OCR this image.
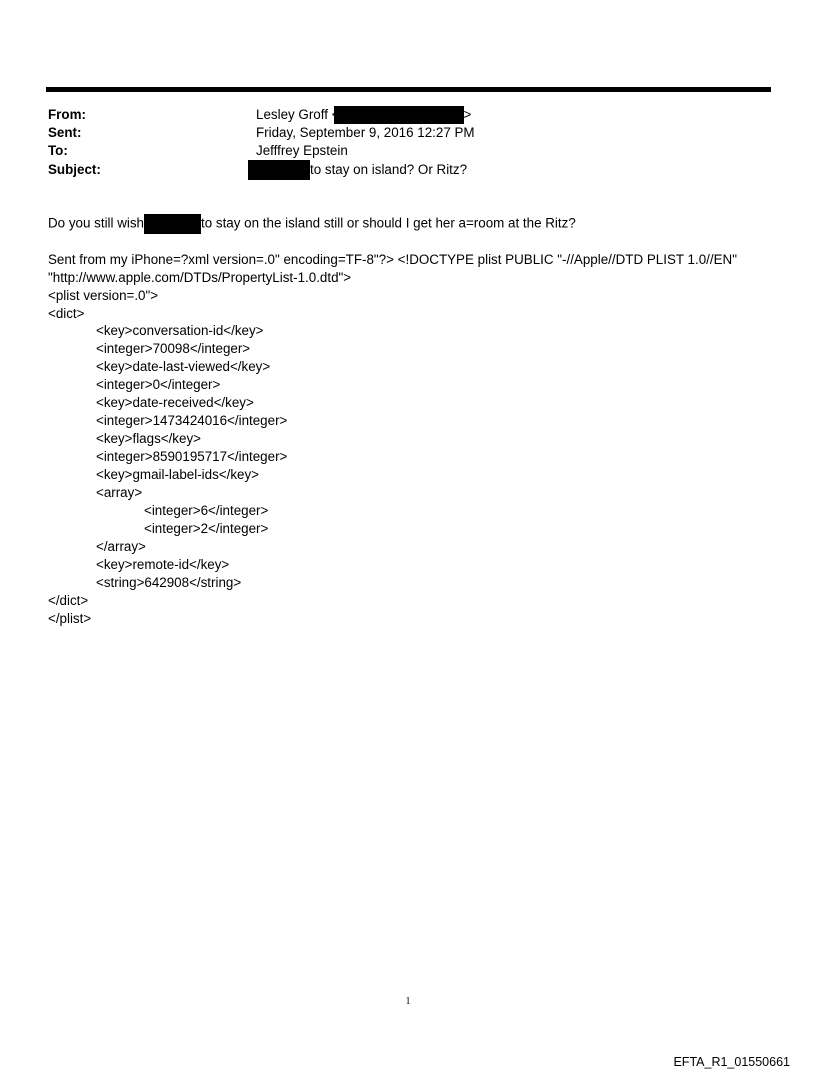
From:	Lesley Groff	>
Sent:	Friday, September 9, 2016 12:27 PM
To:	Jefffrey Epstein
Subject:	to stay on island? Or Ritz?
Do you still wish	to stay on the island still or should I get her a=room at the Ritz?
Sent from my iPhone=?xml version=.0" encoding=TF-8"?> <!DOCTYPE plist PUBLIC "-//Apple//DTD PLIST 1.0//EN"
"http://www.apple.com/DTDs/PropertyList-1.0.dtd">
<plist version=.0">
<dict>
<key>conversation-id</key>
<integer>70098</integer>
<key>date-last-viewed</key>
<integer>0</integer>
<key>date-received</key>
<integer>1473424016</integer>
<key>flags</key>
<integer>8590195717</integer>
<key>gmail-label-ids</key>
<array>
<integer>6</integer>
<integer>2</integer>
</array>
<key>remote-id</key>
<string>642908</string>
</dict>
</plist>
1
EFTA_R1_01550661
